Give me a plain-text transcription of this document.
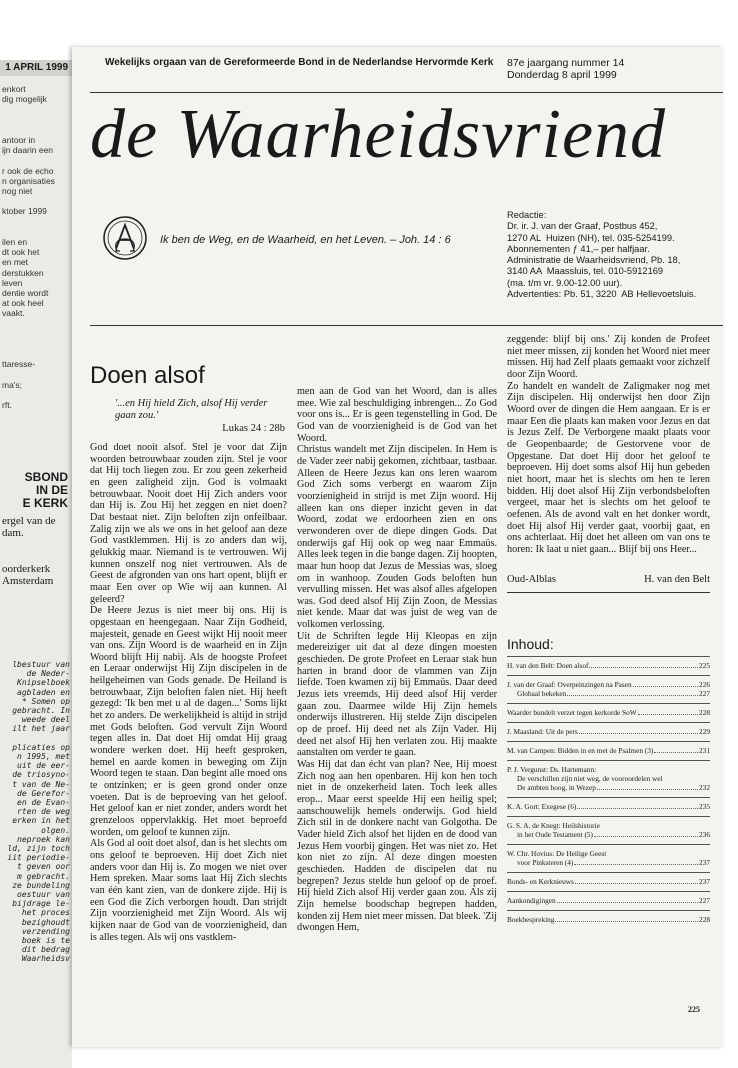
1 APRIL 1999
enkort
dig mogelijk
antoor in
ijn daarin een
r ook de echo
n organisaties
nog niet
ktober 1999
ilen en
dt ook het
en met
derstukken
leven
dentie wordt
at ook heel
vaakt.
ttaresse-
ma's;
rft.
SBOND
IN DE
E KERK
ergel van de
dam.
oorderkerk
Amsterdam
lbestuur van
de Neder-
Knipselboek
agbladen en
* Somen op
gebracht. In
weede deel
ilt het jaar
plicaties op
n 1995, met
uit de eer-
de triosyno-
t van de Ne-
de Gerefor-
en de Evan-
rten de weg
erken in het
olgen.
neproek kan
ld, zijn toch
iit periodie-
t geven oor
m gebracht.
ze bundeling
oestuur van
bijdrage le-
het proces
bezighoudt
verzending
boek is te
dit bedrag
Waarheidsv
Wekelijks orgaan van de Gereformeerde Bond in de Nederlandse Hervormde Kerk 87e jaargang nummer 14
Donderdag 8 april 1999
de Waarheidsvriend
Ik ben de Weg, en de Waarheid, en het Leven. – Joh. 14 : 6
Redactie:
Dr. ir. J. van der Graaf, Postbus 452,
1270 AL  Huizen (NH), tel. 035-5254199.
Abonnementen ƒ 41,– per halfjaar.
Administratie de Waarheidsvriend, Pb. 18,
3140 AA  Maassluis, tel. 010-5912169
(ma. t/m vr. 9.00-12.00 uur).
Advertenties: Pb. 51, 3220  AB Hellevoetsluis.
Doen alsof
'...en Hij hield Zich, alsof Hij verder gaan zou.'
Lukas 24 : 28b

God doet nooit alsof. Stel je voor dat Zijn woorden betrouwbaar zouden zijn. Stel je voor dat Hij toch liegen zou. Er zou geen zekerheid en geen zaligheid zijn. God is volmaakt betrouwbaar. Nooit doet Hij Zich anders voor dan Hij is. Zou Hij het zeggen en niet doen? Dat bestaat niet. Zijn beloften zijn onfeilbaar. Zalig zijn we als we ons in het geloof aan deze God vastklemmen. Hij is zo anders dan wij, gelukkig maar. Niemand is te vertrouwen. Wij kunnen onszelf nog niet vertrouwen. Als de Geest de afgronden van ons hart opent, blijft er maar Een over op Wie wij aan kunnen. Al geleerd?

De Heere Jezus is niet meer bij ons. Hij is opgestaan en heengegaan. Naar Zijn Godheid, majesteit, genade en Geest wijkt Hij nooit meer van ons. Zijn Woord is de waarheid en in Zijn Woord blijft Hij nabij. Als de hoogste Profeet en Leraar onderwijst Hij Zijn discipelen in de heilgeheimen van Gods genade. De Heiland is betrouwbaar, Zijn beloften falen niet. Hij heeft gezegd: 'Ik ben met u al de dagen...' Soms lijkt het zo anders. De werkelijkheid is altijd in strijd met Gods beloften. God vervult Zijn Woord tegen alles in. Dat doet Hij omdat Hij graag wondere werken doet. Hij heeft gesproken, hemel en aarde komen in beweging om Zijn Woord tegen te staan. Dan begint alle moed ons te ontzinken; er is geen grond onder onze voeten. Dat is de beproeving van het geloof. Het geloof kan er niet zonder, anders wordt het grenzeloos oppervlakkig. Het moet beproefd worden, om geloof te kunnen zijn.

Als God al ooit doet alsof, dan is het slechts om ons geloof te beproeven. Hij doet Zich niet anders voor dan Hij is. Zo mogen we niet over Hem spreken. Maar soms laat Hij Zich slechts van één kant zien, van de donkere zijde. Hij is een God die Zich verborgen houdt. Dan strijdt Zijn voorzienigheid met Zijn Woord. Als wij kijken naar de God van de voorzienigheid, dan is alles tegen. Als wij ons vastklem-

men aan de God van het Woord, dan is alles mee. Wie zal beschuldiging inbrengen... Zo God voor ons is... Er is geen tegenstelling in God. De God van de voorzienigheid is de God van het Woord.

Christus wandelt met Zijn discipelen. In Hem is de Vader zeer nabij gekomen, zichtbaar, tastbaar. Alleen de Heere Jezus kan ons leren waarom God Zich soms verbergt en waarom Zijn voorzienigheid in strijd is met Zijn woord. Hij alleen kan ons dieper inzicht geven in dat Woord, zodat we erdoorheen zien en ons verwonderen over de diepe dingen Gods. Dat onderwijs gaf Hij ook op weg naar Emmaüs. Alles leek tegen in die bange dagen. Zij hoopten, maar hun hoop dat Jezus de Messias was, sloeg om in wanhoop. Zouden Gods beloften hun vervulling missen. Het was alsof alles afgelopen was. God deed alsof Hij Zijn Zoon, de Messias niet kende. Maar dat was juist de weg van de volkomen verlossing.

Uit de Schriften legde Hij Kleopas en zijn medereiziger uit dat al deze dingen moesten geschieden. De grote Profeet en Leraar stak hun harten in brand door de vlammen van Zijn liefde. Toen kwamen zij bij Emmaüs. Daar deed Jezus iets vreemds, Hij deed alsof Hij verder gaan zou. Daarmee wilde Hij Zijn hemels onderwijs illustreren. Hij stelde Zijn discipelen op de proef. Hij deed net als Zijn Vader. Hij deed net alsof Hij hen verlaten zou. Hij maakte aanstalten om verder te gaan.

Was Hij dat dan écht van plan? Nee, Hij moest Zich nog aan hen openbaren. Hij kon hen toch niet in de onzekerheid laten. Toch leek alles erop... Maar eerst speelde Hij een heilig spel; aanschouwelijk hemels onderwijs. God hield Zich stil in de donkere nacht van Golgotha. De Vader hield Zich alsof het lijden en de dood van Jezus Hem voorbij gingen. Het was niet zo. Het kon niet zo zijn. Al deze dingen moesten geschieden. Hadden de discipelen dat nu begrepen? Jezus stelde hun geloof op de proef. Hij hield Zich alsof Hij verder gaan zou. Als zij Zijn hemelse boodschap begrepen hadden, konden zij Hem niet meer missen. Dat bleek. 'Zij dwongen Hem,

zeggende: blijf bij ons.' Zij konden de Profeet niet meer missen, zij konden het Woord niet meer missen. Hij had Zelf plaats gemaakt voor zichzelf door Zijn Woord.

Zo handelt en wandelt de Zaligmaker nog met Zijn discipelen. Hij onderwijst hen door Zijn Woord over de dingen die Hem aangaan. Er is er maar Een die plaats kan maken voor Jezus en dat is Jezus Zelf. De Verborgene maakt plaats voor de Geopenbaarde; de Gestorvene voor de Opgestane. Dat doet Hij door het geloof te beproeven. Hij doet soms alsof Hij hun gebeden niet hoort, maar het is slechts om hen te leren bidden. Hij doet alsof Hij Zijn verbondsbeloften vergeet, maar het is slechts om het geloof te oefenen. Als de avond valt en het donker wordt, doet Hij alsof Hij verder gaat, voorbij gaat, en ons achterlaat. Hij doet het alleen om van ons te horen: Ik laat u niet gaan... Blijf bij ons Heer...

Oud-Alblas	H. van den Belt
Inhoud:
H. van den Belt: Doen alsof	225
J. van der Graaf: Overpeinzingen na Pasen	226
Globaal bekeken	227
Waarder bundelt verzet tegen kerkorde SoW	228
J. Maasland: Uit de pers	229
M. van Campen: Bidden in en met de Psalmen (3)	231
P. J. Vergunst: Ds. Hartemann:
De verschillen zijn niet weg, de vooroordelen wel
De ambten hoog, in Wezep	232
K. A. Gort: Exegese (6)	235
G. S. A. de Knegt: Heilshistorie
in het Oude Testament (5)	236
W. Chr. Hovius: De Heilige Geest
voor Pinksteren (4)	237
Bonds- en Kerknieuws	237
Aankondigingen	227
Boekbespreking	228
225
